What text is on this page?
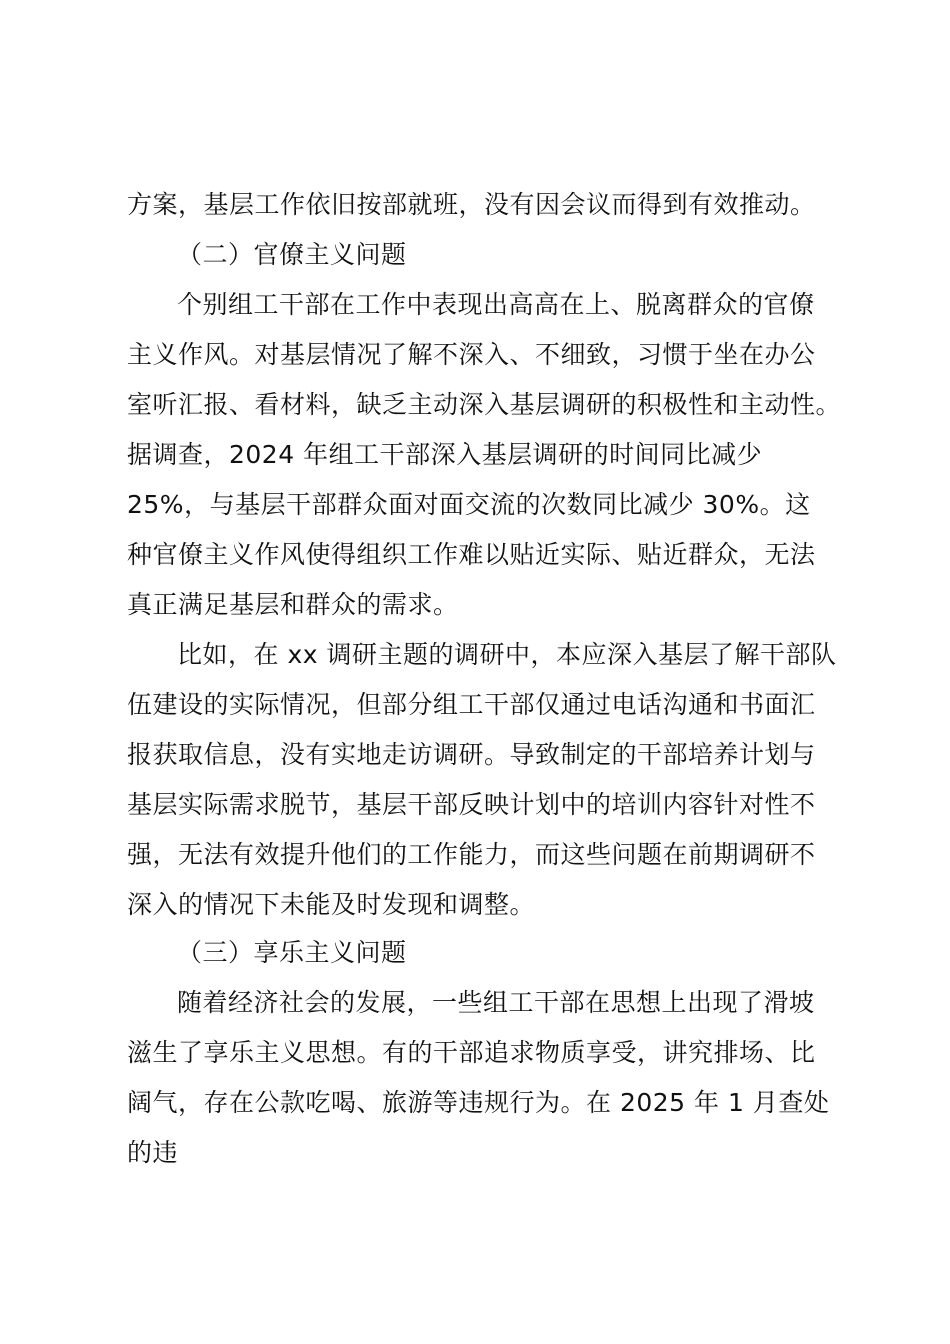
方案，基层工作依旧按部就班，没有因会议而得到有效推动。
（二）官僚主义问题
个别组工干部在工作中表现出高高在上、脱离群众的官僚
主义作风。对基层情况了解不深入、不细致，习惯于坐在办公
室听汇报、看材料，缺乏主动深入基层调研的积极性和主动性。
据调查，2024 年组工干部深入基层调研的时间同比减少
25%，与基层干部群众面对面交流的次数同比减少 30%。这
种官僚主义作风使得组织工作难以贴近实际、贴近群众，无法
真正满足基层和群众的需求。
比如，在 xx 调研主题的调研中，本应深入基层了解干部队
伍建设的实际情况，但部分组工干部仅通过电话沟通和书面汇
报获取信息，没有实地走访调研。导致制定的干部培养计划与
基层实际需求脱节，基层干部反映计划中的培训内容针对性不
强，无法有效提升他们的工作能力，而这些问题在前期调研不
深入的情况下未能及时发现和调整。
（三）享乐主义问题
随着经济社会的发展，一些组工干部在思想上出现了滑坡
滋生了享乐主义思想。有的干部追求物质享受，讲究排场、比
阔气，存在公款吃喝、旅游等违规行为。在 2025 年 1 月查处
的违
